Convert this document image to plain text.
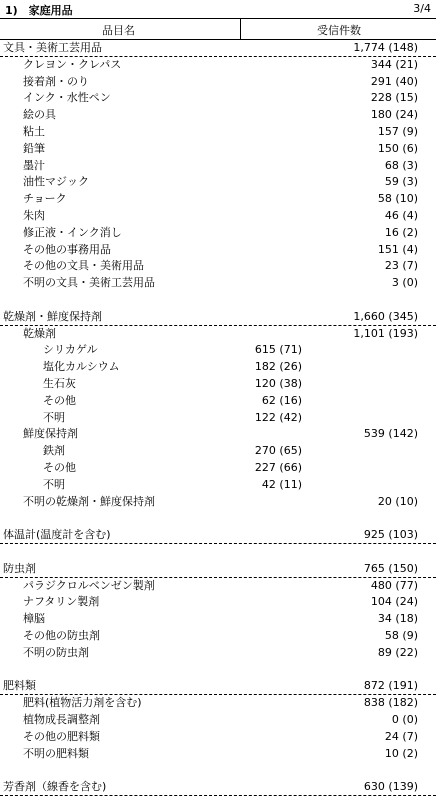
1)　家庭用品	3/4
品目名	受信件数
文具・美術工芸用品	1,774 (148)
クレヨン・クレパス	344 (21)
接着剤・のり	291 (40)
インク・水性ペン	228 (15)
絵の具	180 (24)
粘土	157 (9)
鉛筆	150 (6)
墨汁	68 (3)
油性マジック	59 (3)
チョーク	58 (10)
朱肉	46 (4)
修正液・インク消し	16 (2)
その他の事務用品	151 (4)
その他の文具・美術用品	23 (7)
不明の文具・美術工芸用品	3 (0)
乾燥剤・鮮度保持剤	1,660 (345)
乾燥剤	1,101 (193)
シリカゲル	615 (71)
塩化カルシウム	182 (26)
生石灰	120 (38)
その他	62 (16)
不明	122 (42)
鮮度保持剤	539 (142)
鉄剤	270 (65)
その他	227 (66)
不明	42 (11)
不明の乾燥剤・鮮度保持剤	20 (10)
体温計(温度計を含む)	925 (103)
防虫剤	765 (150)
パラジクロルベンゼン製剤	480 (77)
ナフタリン製剤	104 (24)
樟脳	34 (18)
その他の防虫剤	58 (9)
不明の防虫剤	89 (22)
肥料類	872 (191)
肥料(植物活力剤を含む)	838 (182)
植物成長調整剤	0 (0)
その他の肥料類	24 (7)
不明の肥料類	10 (2)
芳香剤（線香を含む)	630 (139)
